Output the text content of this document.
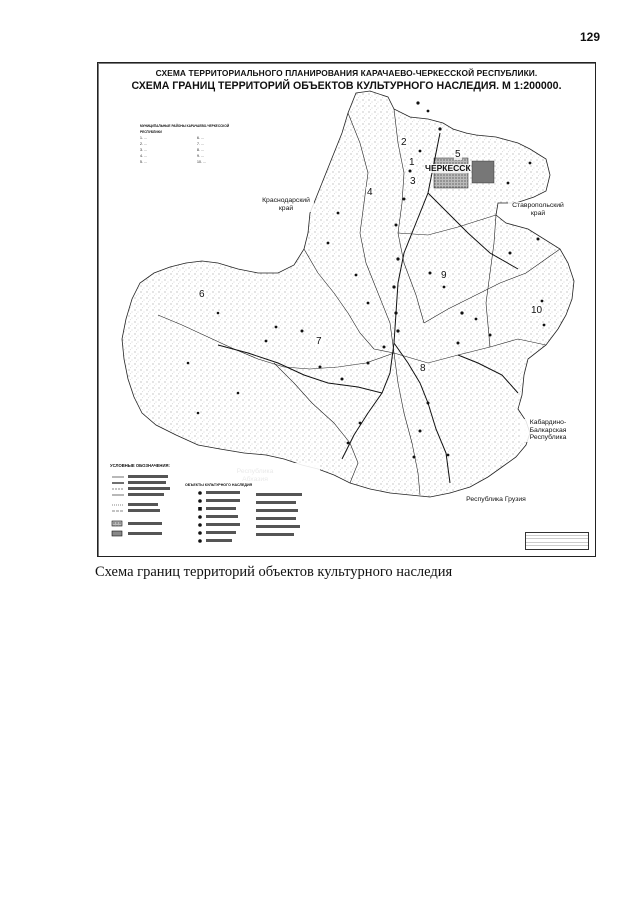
129
СХЕМА ТЕРРИТОРИАЛЬНОГО ПЛАНИРОВАНИЯ КАРАЧАЕВО-ЧЕРКЕССКОЙ РЕСПУБЛИКИ.
СХЕМА ГРАНИЦ ТЕРРИТОРИЙ ОБЪЕКТОВ КУЛЬТУРНОГО НАСЛЕДИЯ. М 1:200000.
ЧЕРКЕССК
1
2
3
4
5
6
7
8
9
10
Краснодарский край	Ставропольский край
Кабардино-Балкарская Республика
Республика Грузия
МУНИЦИПАЛЬНЫЕ РАЙОНЫ КАРАЧАЕВО-ЧЕРКЕССКОЙ РЕСПУБЛИКИ
1. ...
2. ...
3. ...
4. ...
5. ...
6. ...
7. ...
8. ...
9. ...
10. ...
УСЛОВНЫЕ ОБОЗНАЧЕНИЯ:
ОБЪЕКТЫ КУЛЬТУРНОГО НАСЛЕДИЯ
Схема границ территорий объектов культурного наследия
